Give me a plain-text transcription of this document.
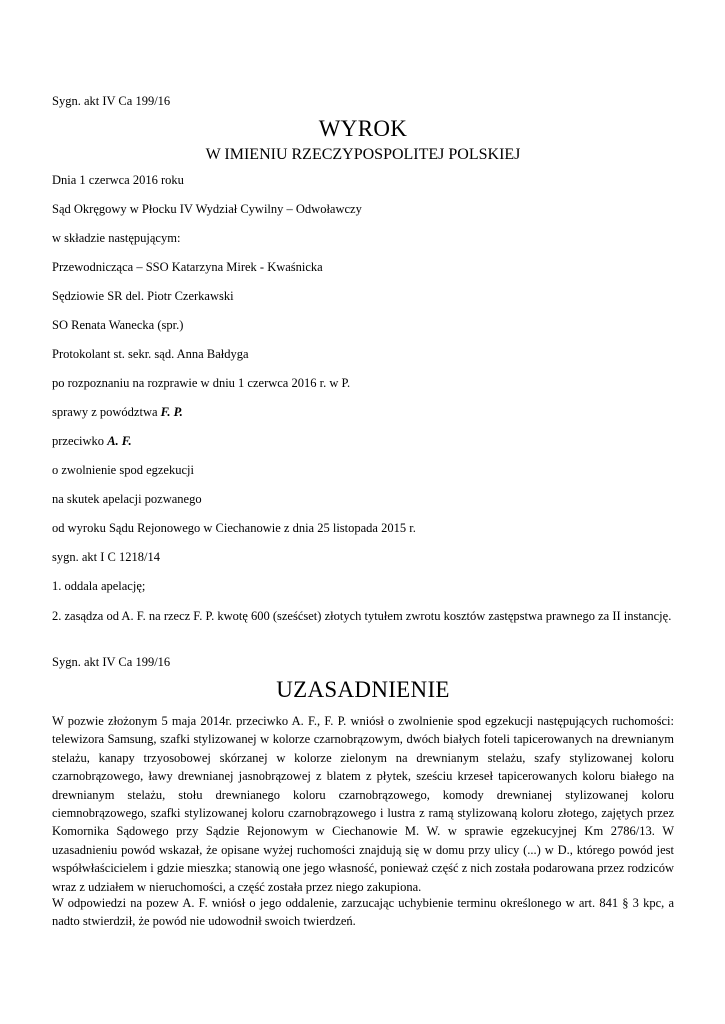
Sygn. akt IV Ca 199/16
WYROK
W IMIENIU RZECZYPOSPOLITEJ POLSKIEJ
Dnia 1 czerwca 2016 roku
Sąd Okręgowy w Płocku IV Wydział Cywilny – Odwoławczy
w składzie następującym:
Przewodnicząca – SSO Katarzyna Mirek - Kwaśnicka
Sędziowie SR del. Piotr Czerkawski
SO Renata Wanecka (spr.)
Protokolant st. sekr. sąd. Anna Bałdyga
po rozpoznaniu na rozprawie w dniu 1 czerwca 2016 r. w P.
sprawy z powództwa F. P.
przeciwko A. F.
o zwolnienie spod egzekucji
na skutek apelacji pozwanego
od wyroku Sądu Rejonowego w Ciechanowie z dnia 25 listopada 2015 r.
sygn. akt I C 1218/14
1. oddala apelację;
2. zasądza od A. F. na rzecz F. P. kwotę 600 (sześćset) złotych tytułem zwrotu kosztów zastępstwa prawnego za II instancję.
Sygn. akt IV Ca 199/16
UZASADNIENIE
W pozwie złożonym 5 maja 2014r. przeciwko A. F., F. P. wniósł o zwolnienie spod egzekucji następujących ruchomości: telewizora Samsung, szafki stylizowanej w kolorze czarnobrązowym, dwóch białych foteli tapicerowanych na drewnianym stelażu, kanapy trzyosobowej skórzanej w kolorze zielonym na drewnianym stelażu, szafy stylizowanej koloru czarnobrązowego, ławy drewnianej jasnobrązowej z blatem z płytek, sześciu krzeseł tapicerowanych koloru białego na drewnianym stelażu, stołu drewnianego koloru czarnobrązowego, komody drewnianej stylizowanej koloru ciemnobrązowego, szafki stylizowanej koloru czarnobrązowego i lustra z ramą stylizowaną koloru złotego, zajętych przez Komornika Sądowego przy Sądzie Rejonowym w Ciechanowie M. W. w sprawie egzekucyjnej Km 2786/13. W uzasadnieniu powód wskazał, że opisane wyżej ruchomości znajdują się w domu przy ulicy (...) w D., którego powód jest współwłaścicielem i gdzie mieszka; stanowią one jego własność, ponieważ część z nich została podarowana przez rodziców wraz z udziałem w nieruchomości, a część została przez niego zakupiona.
W odpowiedzi na pozew A. F. wniósł o jego oddalenie, zarzucając uchybienie terminu określonego w art. 841 § 3 kpc, a nadto stwierdził, że powód nie udowodnił swoich twierdzeń.
